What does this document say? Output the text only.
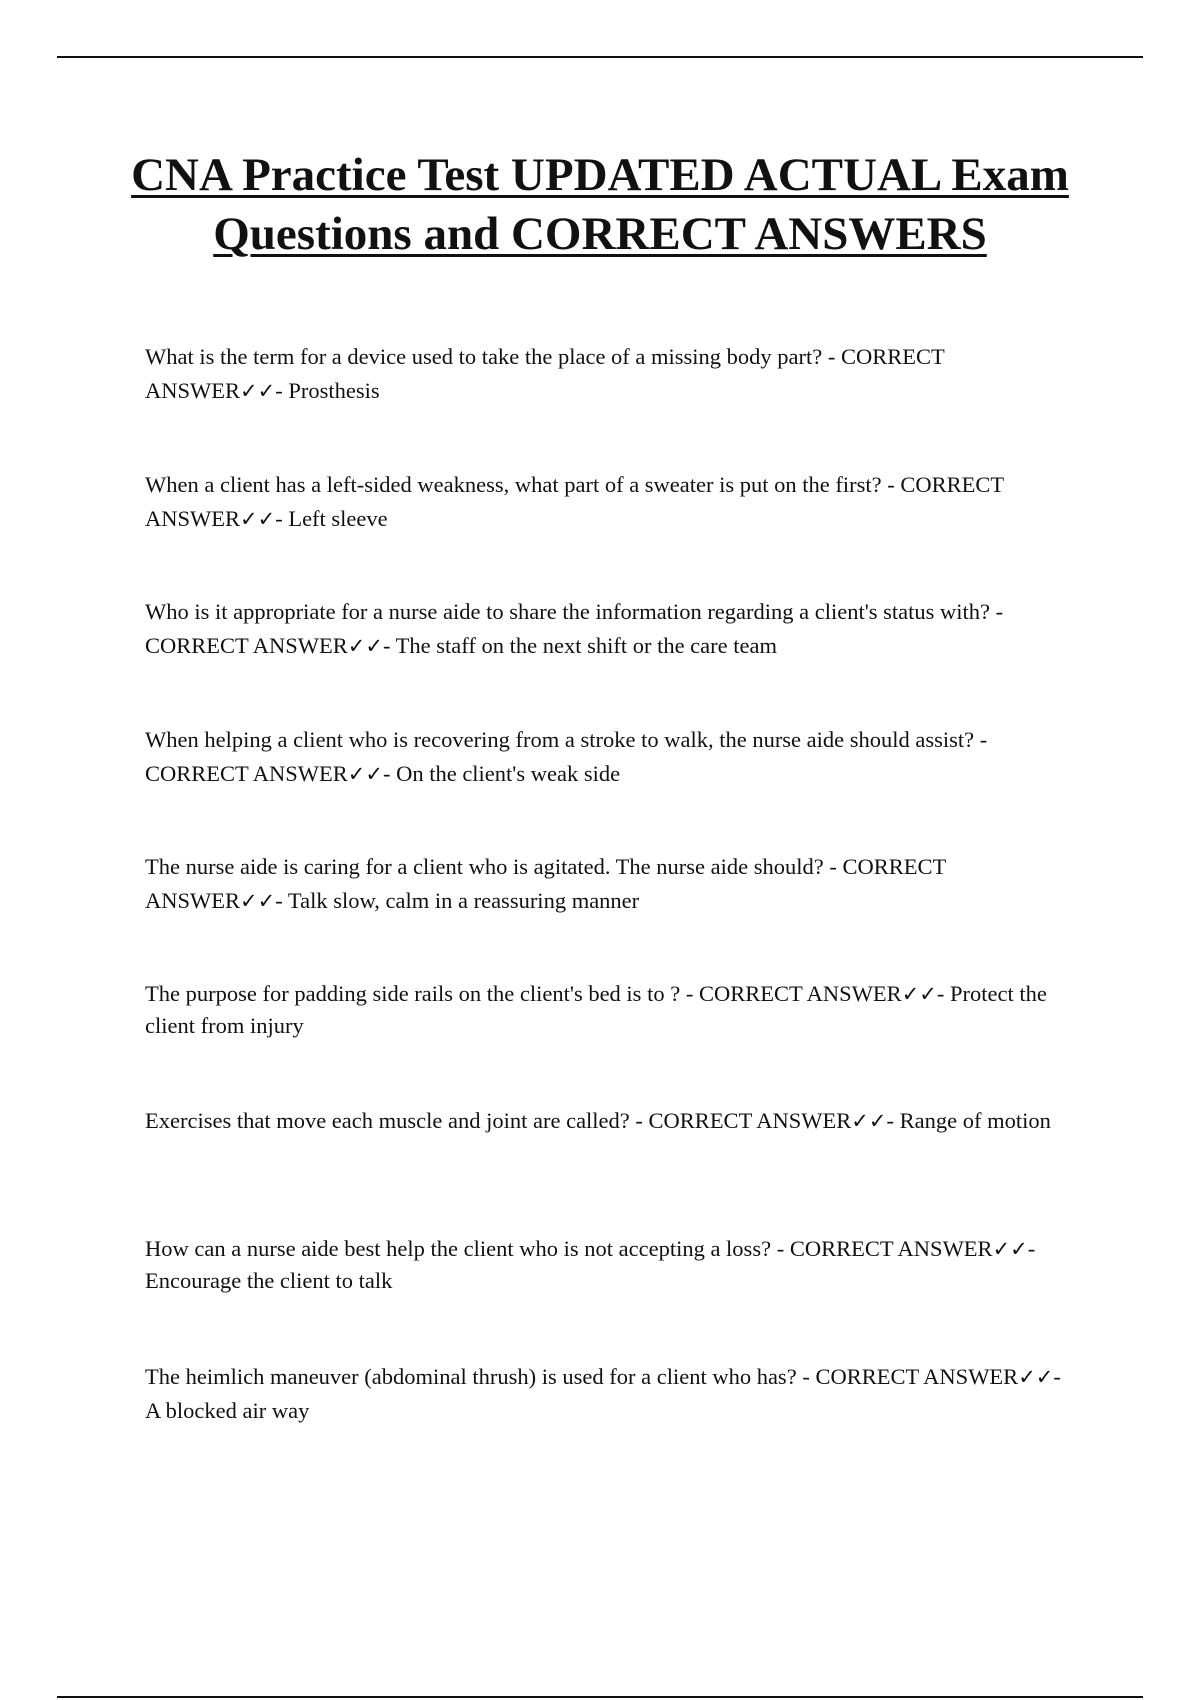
CNA Practice Test UPDATED ACTUAL Exam Questions and CORRECT ANSWERS

What is the term for a device used to take the place of a missing body part? - CORRECT ANSWER✓✓- Prosthesis

When a client has a left-sided weakness, what part of a sweater is put on the first? - CORRECT ANSWER✓✓- Left sleeve

Who is it appropriate for a nurse aide to share the information regarding a client's status with? - CORRECT ANSWER✓✓- The staff on the next shift or the care team

When helping a client who is recovering from a stroke to walk, the nurse aide should assist? - CORRECT ANSWER✓✓- On the client's weak side

The nurse aide is caring for a client who is agitated. The nurse aide should? - CORRECT ANSWER✓✓- Talk slow, calm in a reassuring manner

The purpose for padding side rails on the client's bed is to ? - CORRECT ANSWER✓✓- Protect the client from injury

Exercises that move each muscle and joint are called? - CORRECT ANSWER✓✓- Range of motion

How can a nurse aide best help the client who is not accepting a loss? - CORRECT ANSWER✓✓- Encourage the client to talk

The heimlich maneuver (abdominal thrush) is used for a client who has? - CORRECT ANSWER✓✓- A blocked air way
